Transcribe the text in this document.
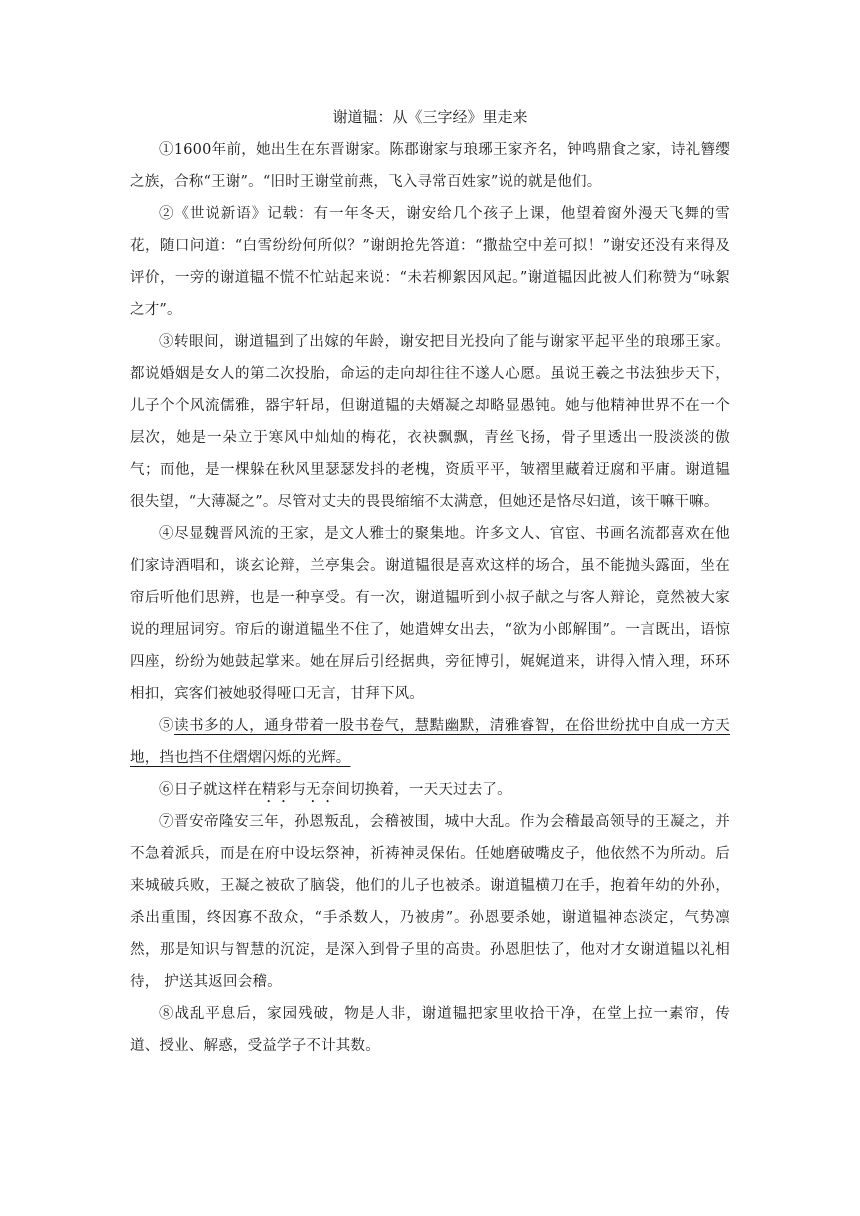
谢道韫：从《三字经》里走来

①1600年前，她出生在东晋谢家。陈郡谢家与琅琊王家齐名，钟鸣鼎食之家，诗礼簪缨之族，合称“王谢”。“旧时王谢堂前燕，飞入寻常百姓家”说的就是他们。

②《世说新语》记载：有一年冬天，谢安给几个孩子上课，他望着窗外漫天飞舞的雪花，随口问道：“白雪纷纷何所似？”谢朗抢先答道：“撒盐空中差可拟！”谢安还没有来得及评价，一旁的谢道韫不慌不忙站起来说：“未若柳絮因风起。”谢道韫因此被人们称赞为“咏絮之才”。

③转眼间，谢道韫到了出嫁的年龄，谢安把目光投向了能与谢家平起平坐的琅琊王家。都说婚姻是女人的第二次投胎，命运的走向却往往不遂人心愿。虽说王羲之书法独步天下，儿子个个风流儒雅，器宇轩昂，但谢道韫的夫婿凝之却略显愚钝。她与他精神世界不在一个层次，她是一朵立于寒风中灿灿的梅花，衣袂飘飘，青丝飞扬，骨子里透出一股淡淡的傲气；而他，是一棵躲在秋风里瑟瑟发抖的老槐，资质平平，皱褶里藏着迂腐和平庸。谢道韫很失望，“大薄凝之”。尽管对丈夫的畏畏缩缩不太满意，但她还是恪尽妇道，该干嘛干嘛。

④尽显魏晋风流的王家，是文人雅士的聚集地。许多文人、官宦、书画名流都喜欢在他们家诗酒唱和，谈玄论辩，兰亭集会。谢道韫很是喜欢这样的场合，虽不能抛头露面，坐在帘后听他们思辨，也是一种享受。有一次，谢道韫听到小叔子献之与客人辩论，竟然被大家说的理屈词穷。帘后的谢道韫坐不住了，她遣婢女出去，“欲为小郎解围”。一言既出，语惊四座，纷纷为她鼓起掌来。她在屏后引经据典，旁征博引，娓娓道来，讲得入情入理，环环相扣，宾客们被她驳得哑口无言，甘拜下风。

⑤读书多的人，通身带着一股书卷气，慧黠幽默，清雅睿智，在俗世纷扰中自成一方天地，挡也挡不住熠熠闪烁的光辉。

⑥日子就这样在精彩与无奈间切换着，一天天过去了。

⑦晋安帝隆安三年，孙恩叛乱，会稽被围，城中大乱。作为会稽最高领导的王凝之，并不急着派兵，而是在府中设坛祭神，祈祷神灵保佑。任她磨破嘴皮子，他依然不为所动。后来城破兵败，王凝之被砍了脑袋，他们的儿子也被杀。谢道韫横刀在手，抱着年幼的外孙，杀出重围，终因寡不敌众，“手杀数人，乃被虏”。孙恩要杀她，谢道韫神态淡定，气势凛然，那是知识与智慧的沉淀，是深入到骨子里的高贵。孙恩胆怯了，他对才女谢道韫以礼相待， 护送其返回会稽。

⑧战乱平息后，家园残破，物是人非，谢道韫把家里收拾干净，在堂上拉一素帘，传道、授业、解惑，受益学子不计其数。
